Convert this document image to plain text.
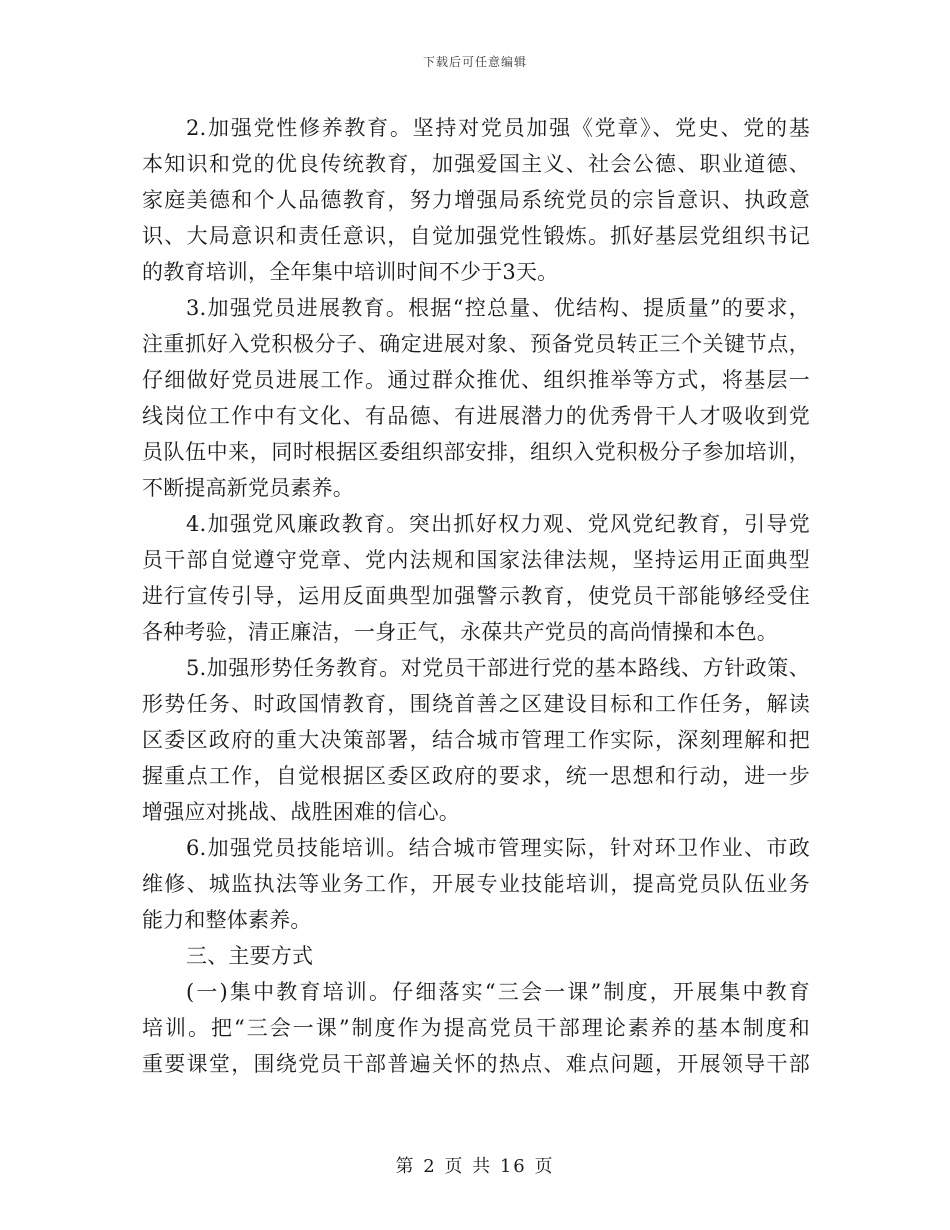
下载后可任意编辑
2.加强党性修养教育。坚持对党员加强《党章》、党史、党的基
本知识和党的优良传统教育，加强爱国主义、社会公德、职业道德、
家庭美德和个人品德教育，努力增强局系统党员的宗旨意识、执政意
识、大局意识和责任意识，自觉加强党性锻炼。抓好基层党组织书记
的教育培训，全年集中培训时间不少于3天。
3.加强党员进展教育。根据“控总量、优结构、提质量”的要求，
注重抓好入党积极分子、确定进展对象、预备党员转正三个关键节点，
仔细做好党员进展工作。通过群众推优、组织推举等方式，将基层一
线岗位工作中有文化、有品德、有进展潜力的优秀骨干人才吸收到党
员队伍中来，同时根据区委组织部安排，组织入党积极分子参加培训，
不断提高新党员素养。
4.加强党风廉政教育。突出抓好权力观、党风党纪教育，引导党
员干部自觉遵守党章、党内法规和国家法律法规，坚持运用正面典型
进行宣传引导，运用反面典型加强警示教育，使党员干部能够经受住
各种考验，清正廉洁，一身正气，永葆共产党员的高尚情操和本色。
5.加强形势任务教育。对党员干部进行党的基本路线、方针政策、
形势任务、时政国情教育，围绕首善之区建设目标和工作任务，解读
区委区政府的重大决策部署，结合城市管理工作实际，深刻理解和把
握重点工作，自觉根据区委区政府的要求，统一思想和行动，进一步
增强应对挑战、战胜困难的信心。
6.加强党员技能培训。结合城市管理实际，针对环卫作业、市政
维修、城监执法等业务工作，开展专业技能培训，提高党员队伍业务
能力和整体素养。
三、主要方式
(一)集中教育培训。仔细落实“三会一课”制度，开展集中教育
培训。把“三会一课”制度作为提高党员干部理论素养的基本制度和
重要课堂，围绕党员干部普遍关怀的热点、难点问题，开展领导干部
第 2 页 共 16 页
